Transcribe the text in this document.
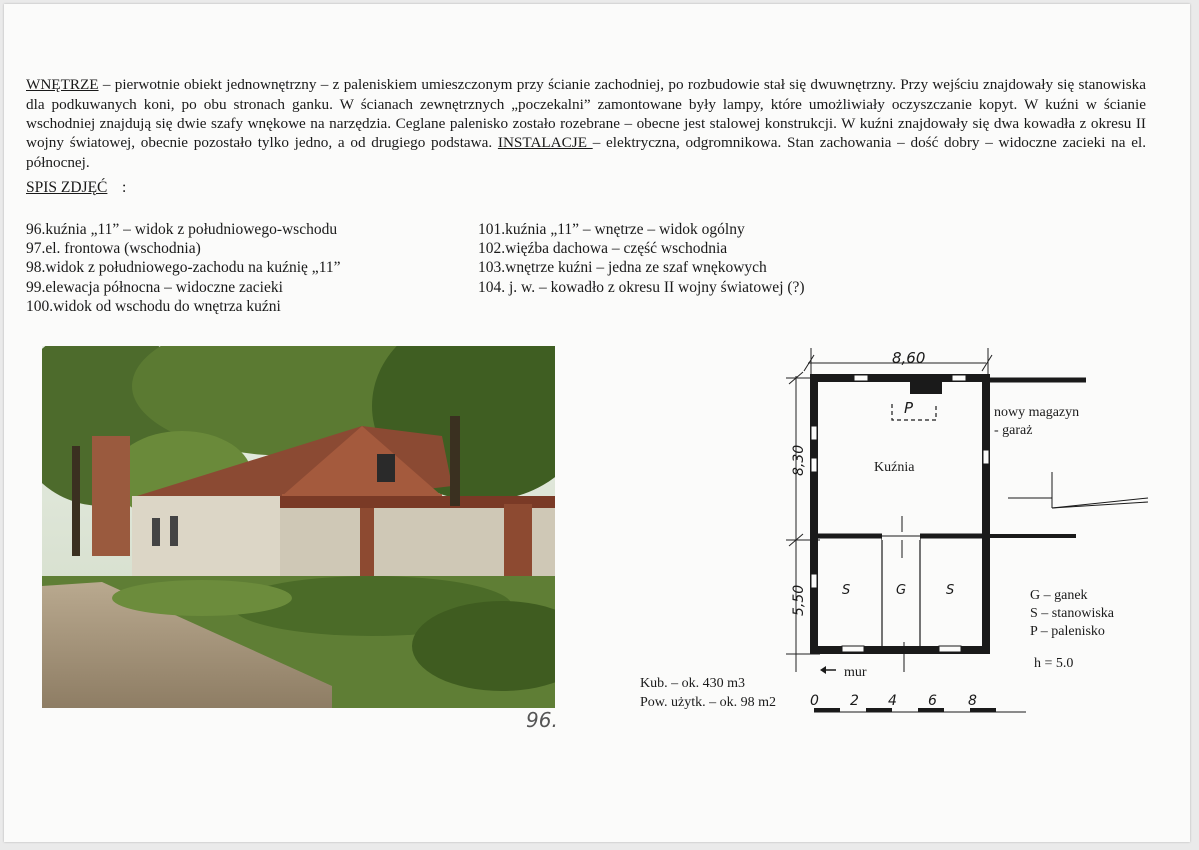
WNĘTRZE – pierwotnie obiekt jednownętrzny – z paleniskiem umieszczonym przy ścianie zachodniej, po rozbudowie stał się dwuwnętrzny. Przy wejściu znajdowały się stanowiska dla podkuwanych koni, po obu stronach ganku. W ścianach zewnętrznych „poczekalni” zamontowane były lampy, które umożliwiały oczyszczanie kopyt. W kuźni w ścianie wschodniej znajdują się dwie szafy wnękowe na narzędzia. Ceglane palenisko zostało rozebrane – obecne jest stalowej konstrukcji. W kuźni znajdowały się dwa kowadła z okresu II wojny światowej, obecnie pozostało tylko jedno, a od drugiego podstawa. INSTALACJE – elektryczna, odgromnikowa. Stan zachowania – dość dobry – widoczne zacieki na el. północnej.

SPIS ZDJĘĆ :
96.kuźnia „11” – widok z południowego-wschodu
97.el. frontowa (wschodnia)
98.widok z południowego-zachodu na kuźnię „11”
99.elewacja północna – widoczne zacieki
100.widok od wschodu do wnętrza kuźni
101.kuźnia „11” – wnętrze – widok ogólny
102.więźba dachowa – część wschodnia
103.wnętrze kuźni – jedna ze szaf wnękowych
104. j. w. – kowadło z okresu II wojny światowej (?)
96.
8,60
8,30
5,50
P
Kuźnia
S	G	S
nowy magazyn
- garaż
G – ganek
S – stanowiska
P – palenisko
h = 5.0
mur
Kub. – ok. 430 m3
Pow. użytk. – ok. 98 m2 0 2 4 6 8
